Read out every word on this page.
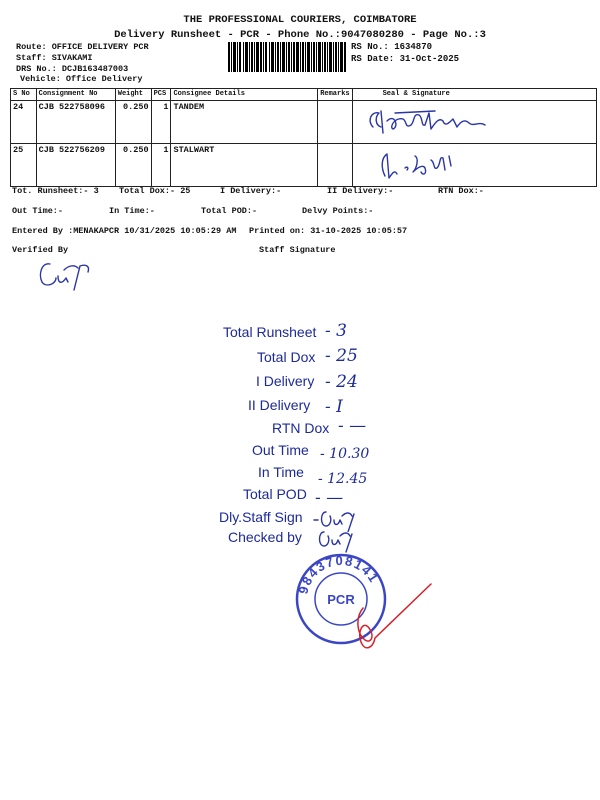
THE PROFESSIONAL COURIERS, COIMBATORE
Delivery Runsheet - PCR - Phone No.:9047080280 - Page No.:3
Route: OFFICE DELIVERY PCR
Staff: SIVAKAMI
DRS No.: DCJB163487003
Vehicle: Office Delivery
RS No.: 1634870
RS Date: 31-Oct-2025
S No	Consignment No	Weight	PCS	Consignee Details	Remarks	Seal & Signature
24	CJB 522758096	0.250	1	TANDEM		

25	CJB 522756209	0.250	1	STALWART		
Tot. Runsheet:- 3 Total Dox:- 25	I Delivery:-	II Delivery:-	RTN Dox:-
Out Time:-	In Time:-	Total POD:-	Delvy Points:-
Entered By :MENAKAPCR 10/31/2025 10:05:29 AM Printed on: 31-10-2025 10:05:57
Verified By	Staff Signature
Total Runsheet - 3
Total Dox - 25
I Delivery - 24
II Delivery - I
RTN Dox - —
Out Time - 10.30
In Time - 12.45
Total POD - —
Dly.Staff Sign
Checked by
9843708141
PCR
